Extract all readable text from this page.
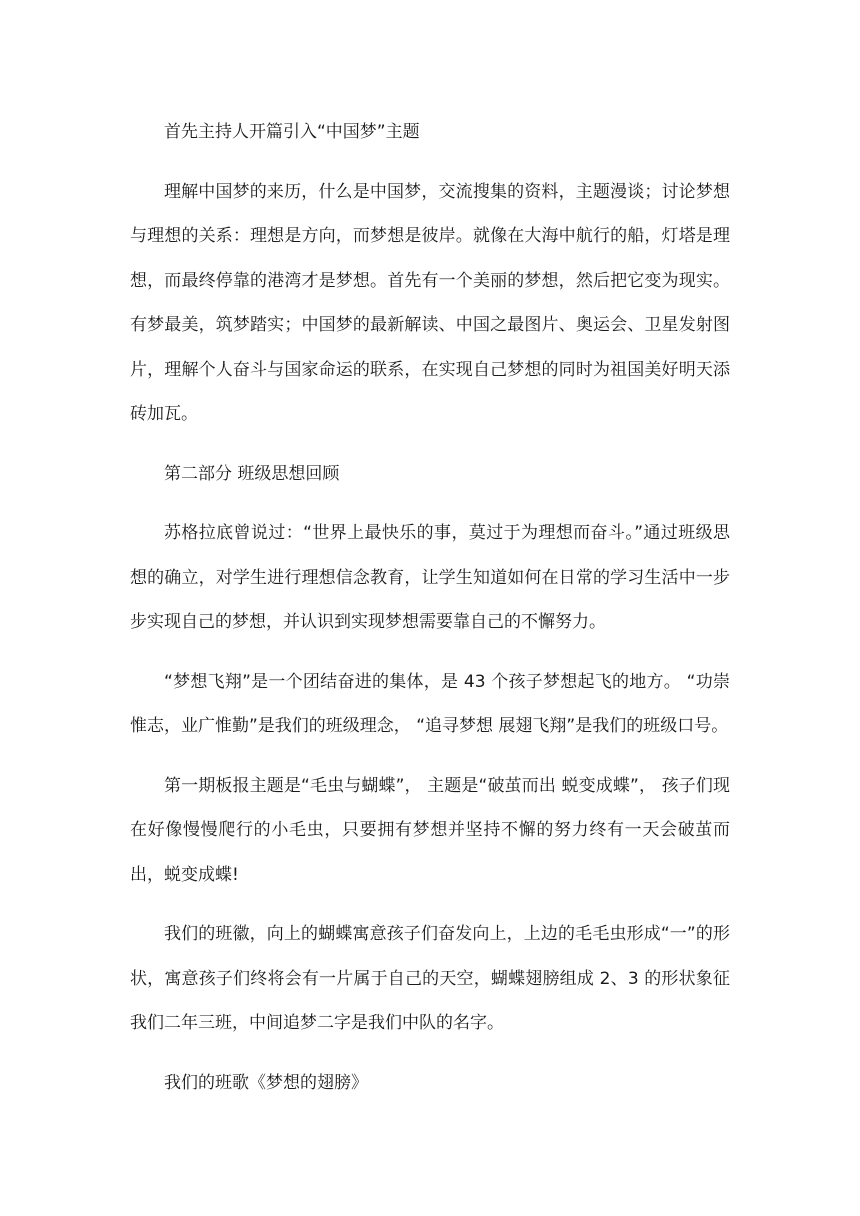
首先主持人开篇引入“中国梦”主题

理解中国梦的来历，什么是中国梦，交流搜集的资料，主题漫谈；讨论梦想与理想的关系：理想是方向，而梦想是彼岸。就像在大海中航行的船，灯塔是理想，而最终停靠的港湾才是梦想。首先有一个美丽的梦想，然后把它变为现实。有梦最美，筑梦踏实；中国梦的最新解读、中国之最图片、奥运会、卫星发射图片，理解个人奋斗与国家命运的联系，在实现自己梦想的同时为祖国美好明天添砖加瓦。

第二部分 班级思想回顾

苏格拉底曾说过：“世界上最快乐的事，莫过于为理想而奋斗。”通过班级思想的确立，对学生进行理想信念教育，让学生知道如何在日常的学习生活中一步步实现自己的梦想，并认识到实现梦想需要靠自己的不懈努力。

“梦想飞翔”是一个团结奋进的集体，是 43 个孩子梦想起飞的地方。 “功崇惟志，业广惟勤”是我们的班级理念， “追寻梦想 展翅飞翔”是我们的班级口号。

第一期板报主题是“毛虫与蝴蝶”， 主题是“破茧而出 蜕变成蝶”， 孩子们现在好像慢慢爬行的小毛虫，只要拥有梦想并坚持不懈的努力终有一天会破茧而出，蜕变成蝶!

我们的班徽，向上的蝴蝶寓意孩子们奋发向上，上边的毛毛虫形成“一”的形状，寓意孩子们终将会有一片属于自己的天空，蝴蝶翅膀组成 2、3 的形状象征我们二年三班，中间追梦二字是我们中队的名字。

我们的班歌《梦想的翅膀》
